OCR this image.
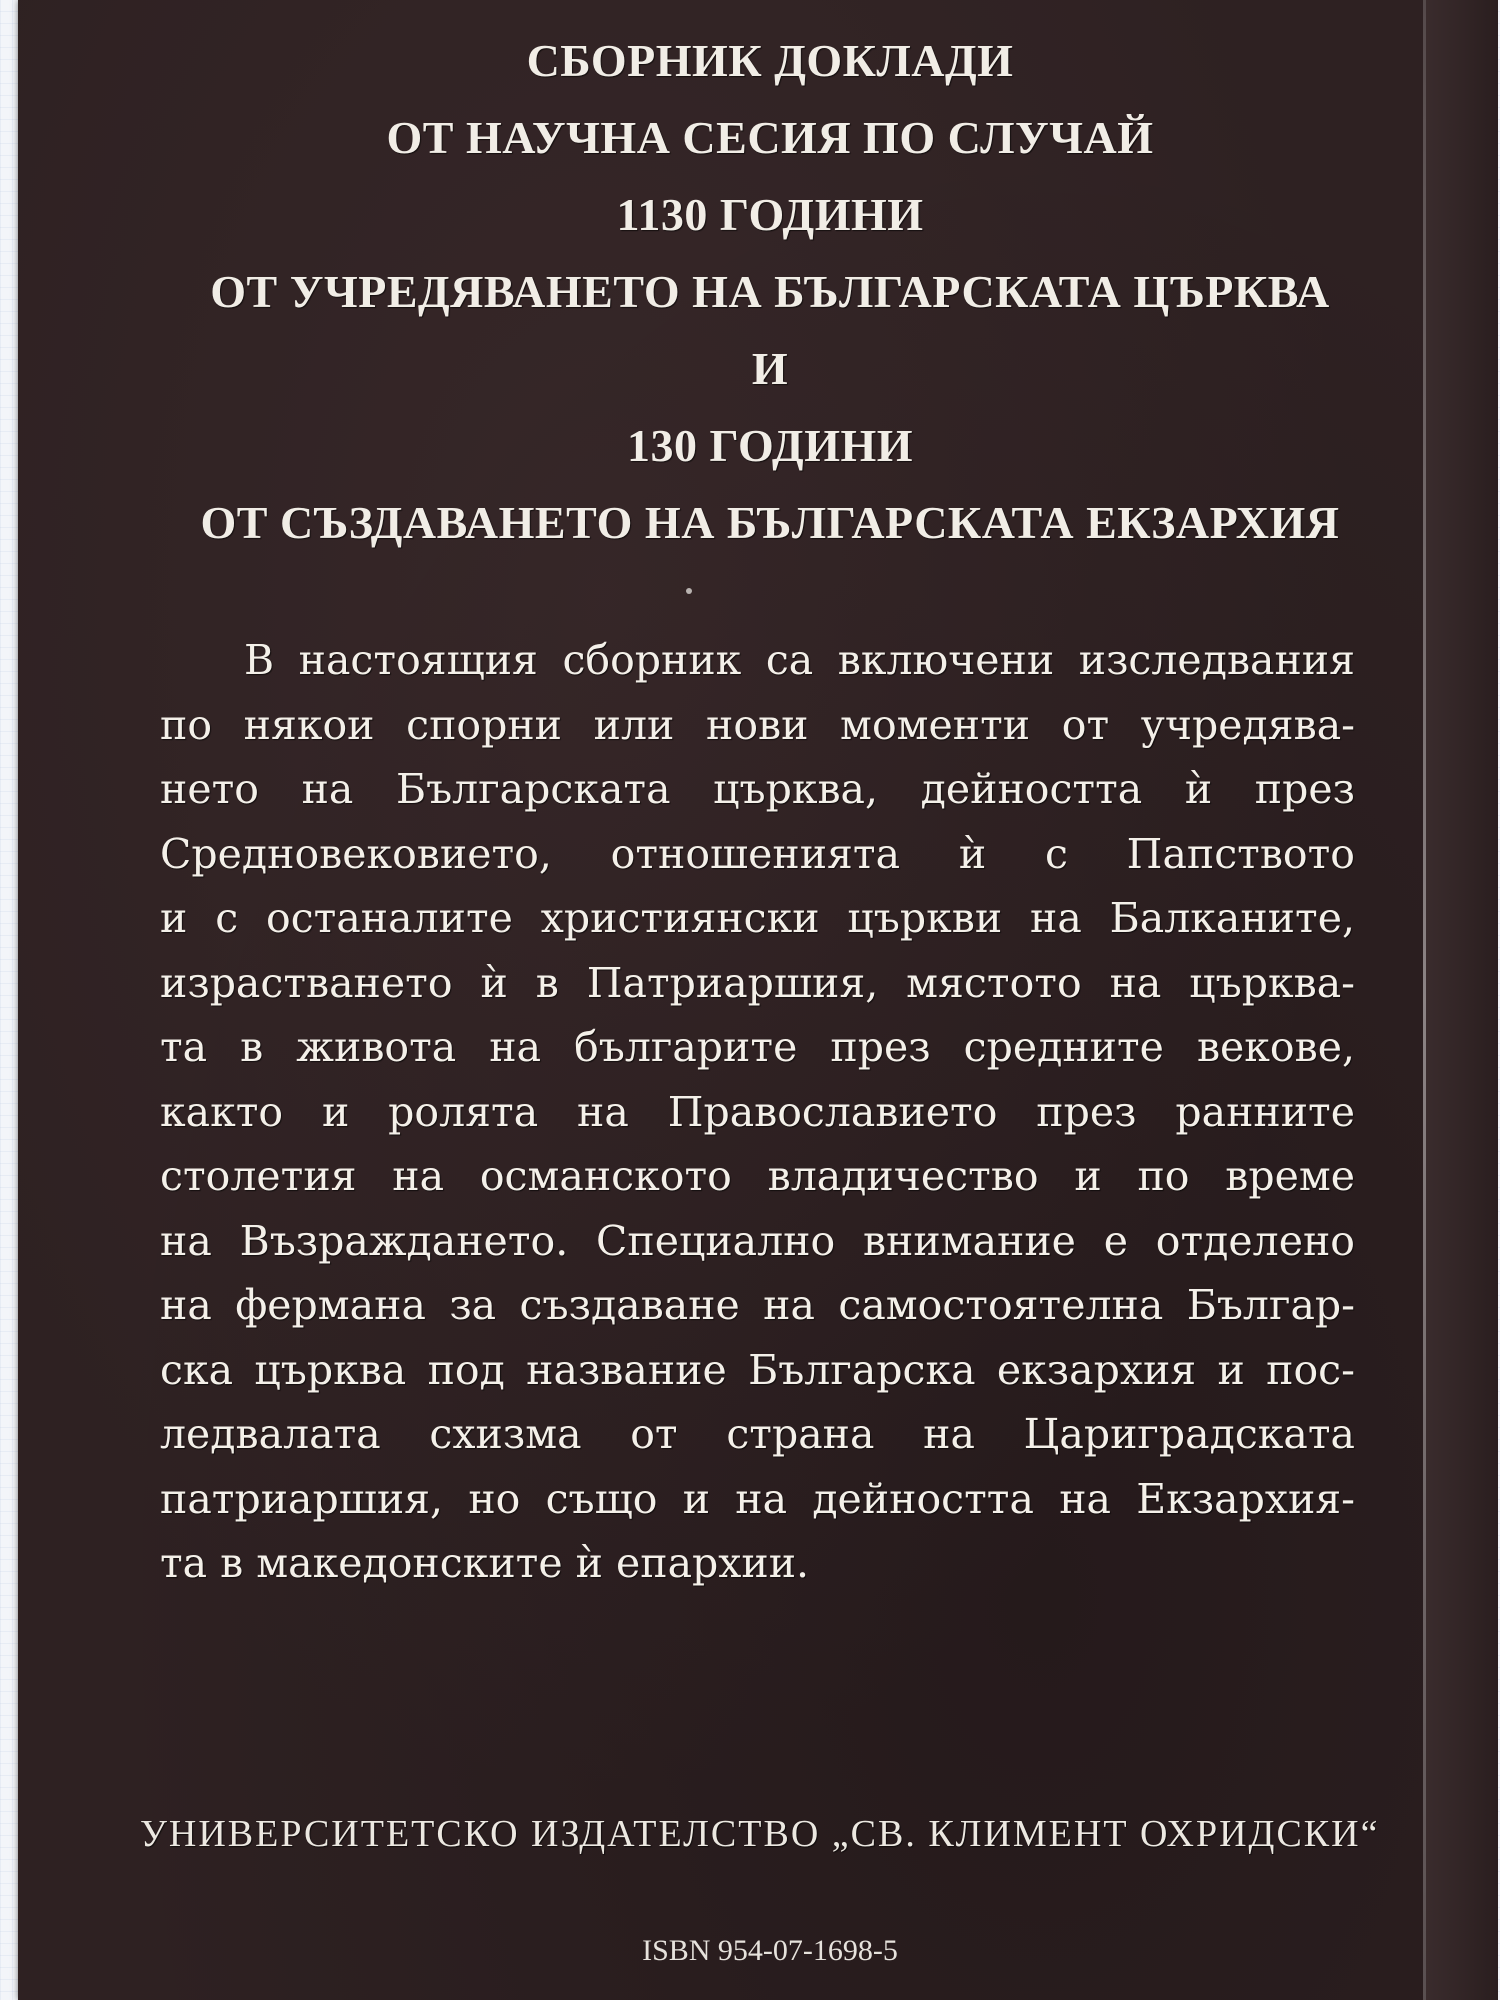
СБОРНИК ДОКЛАДИ
ОТ НАУЧНА СЕСИЯ ПО СЛУЧАЙ
1130 ГОДИНИ
ОТ УЧРЕДЯВАНЕТО НА БЪЛГАРСКАТА ЦЪРКВА
И
130 ГОДИНИ
ОТ СЪЗДАВАНЕТО НА БЪЛГАРСКАТА ЕКЗАРХИЯ
В настоящия сборник са включени изследвания
по някои спорни или нови моменти от учредява-
нето на Българската църква, дейността ѝ през
Средновековието, отношенията ѝ с Папството
и с останалите християнски църкви на Балканите,
израстването ѝ в Патриаршия, мястото на църква-
та в живота на българите през средните векове,
както и ролята на Православието през ранните
столетия на османското владичество и по време
на Възраждането. Специално внимание е отделено
на фермана за създаване на самостоятелна Българ-
ска църква под название Българска екзархия и пос-
ледвалата схизма от страна на Цариградската
патриаршия, но също и на дейността на Екзархия-
та в македонските ѝ епархии.
УНИВЕРСИТЕТСКО ИЗДАТЕЛСТВО „СВ. КЛИМЕНТ ОХРИДСКИ“
ISBN 954-07-1698-5
